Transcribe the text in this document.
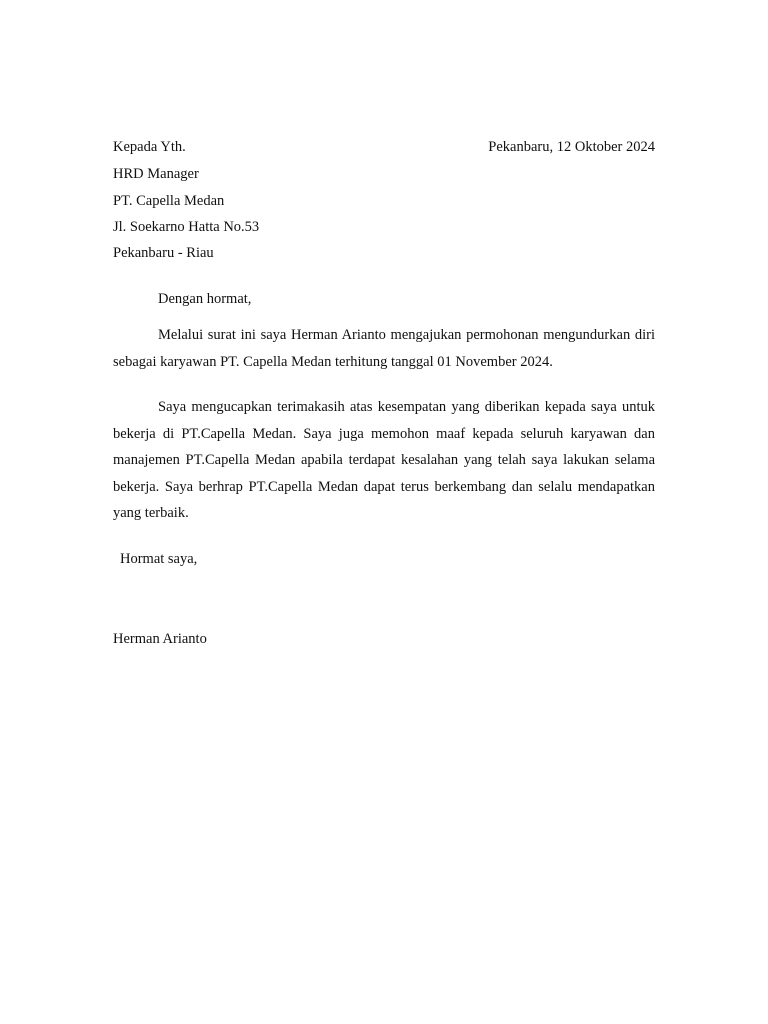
Kepada Yth.	Pekanbaru, 12 Oktober 2024
HRD Manager
PT. Capella Medan
Jl. Soekarno Hatta No.53
Pekanbaru - Riau
Dengan hormat,

Melalui surat ini saya Herman Arianto mengajukan permohonan mengundurkan diri sebagai karyawan PT. Capella Medan terhitung tanggal 01 November 2024.

Saya mengucapkan terimakasih atas kesempatan yang diberikan kepada saya untuk bekerja di PT.Capella Medan. Saya juga memohon maaf kepada seluruh karyawan dan manajemen PT.Capella Medan apabila terdapat kesalahan yang telah saya lakukan selama bekerja. Saya berhrap PT.Capella Medan dapat terus berkembang dan selalu mendapatkan yang terbaik.

Hormat saya,
Herman Arianto
